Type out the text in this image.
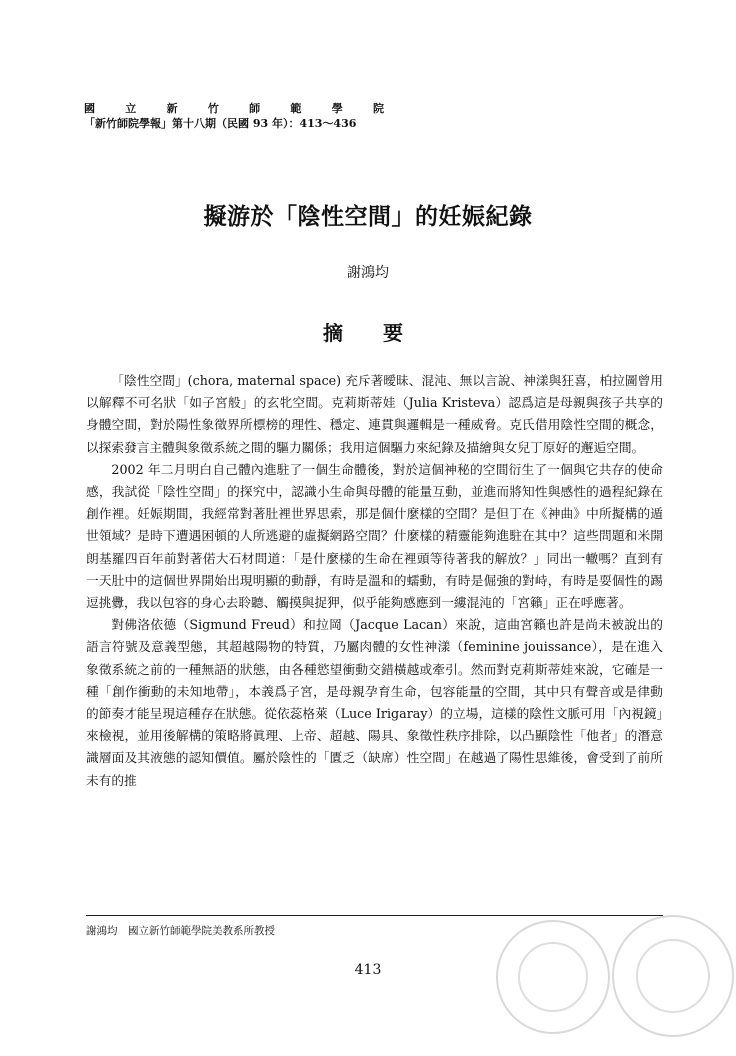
國	立	新	竹	師	範	學	院
「新竹師院學報」第十八期（民國 93 年）：413～436
擬游於「陰性空間」的妊娠紀錄
謝鴻均
摘　要

「陰性空間」(chora, maternal space) 充斥著曖昧、混沌、無以言說、神漾與狂喜，柏拉圖曾用以解釋不可名狀「如子宮般」的玄牝空間。克莉斯蒂娃（Julia Kristeva）認爲這是母親與孩子共享的身體空間，對於陽性象徵界所標榜的理性、穩定、連貫與邏輯是一種威脅。克氏借用陰性空間的概念，以探索發言主體與象徵系統之間的驅力關係；我用這個驅力來紀錄及描繪與女兒丁原好的邂逅空間。

2002 年二月明白自己體內進駐了一個生命體後，對於這個神秘的空間衍生了一個與它共存的使命感，我試從「陰性空間」的探究中，認識小生命與母體的能量互動，並進而將知性與感性的過程紀錄在創作裡。妊娠期間，我經常對著肚裡世界思索，那是個什麼樣的空間？是但丁在《神曲》中所擬構的遁世領域？是時下遭遇困頓的人所逃避的虛擬網路空間？什麼樣的精靈能夠進駐在其中？這些問題和米開朗基羅四百年前對著偌大石材問道：「是什麼樣的生命在裡頭等待著我的解放？」同出一轍嗎？直到有一天肚中的這個世界開始出現明顯的動靜，有時是溫和的蠕動，有時是倔強的對峙，有時是耍個性的踢逗挑釁，我以包容的身心去聆聽、觸摸與捉狎，似乎能夠感應到一縷混沌的「宮籟」正在呼應著。

對佛洛依德（Sigmund Freud）和拉岡（Jacque Lacan）來說，這曲宮籟也許是尚未被說出的語言符號及意義型態，其超越陽物的特質，乃屬肉體的女性神漾（feminine jouissance），是在進入象徵系統之前的一種無語的狀態，由各種慾望衝動交錯橫越或牽引。然而對克莉斯蒂娃來說，它確是一種「創作衝動的未知地帶」，本義爲子宮，是母親孕育生命，包容能量的空間，其中只有聲音或是律動的節奏才能呈現這種存在狀態。從依蕊格萊（Luce Irigaray）的立場，這樣的陰性文脈可用「內視鏡」來檢視，並用後解構的策略將眞理、上帝、超越、陽具、象徵性秩序排除，以凸顯陰性「他者」的潛意識層面及其液態的認知價值。屬於陰性的「匱乏（缺席）性空間」在越過了陽性思維後，會受到了前所未有的推

謝鴻均　國立新竹師範學院美教系所教授
413
